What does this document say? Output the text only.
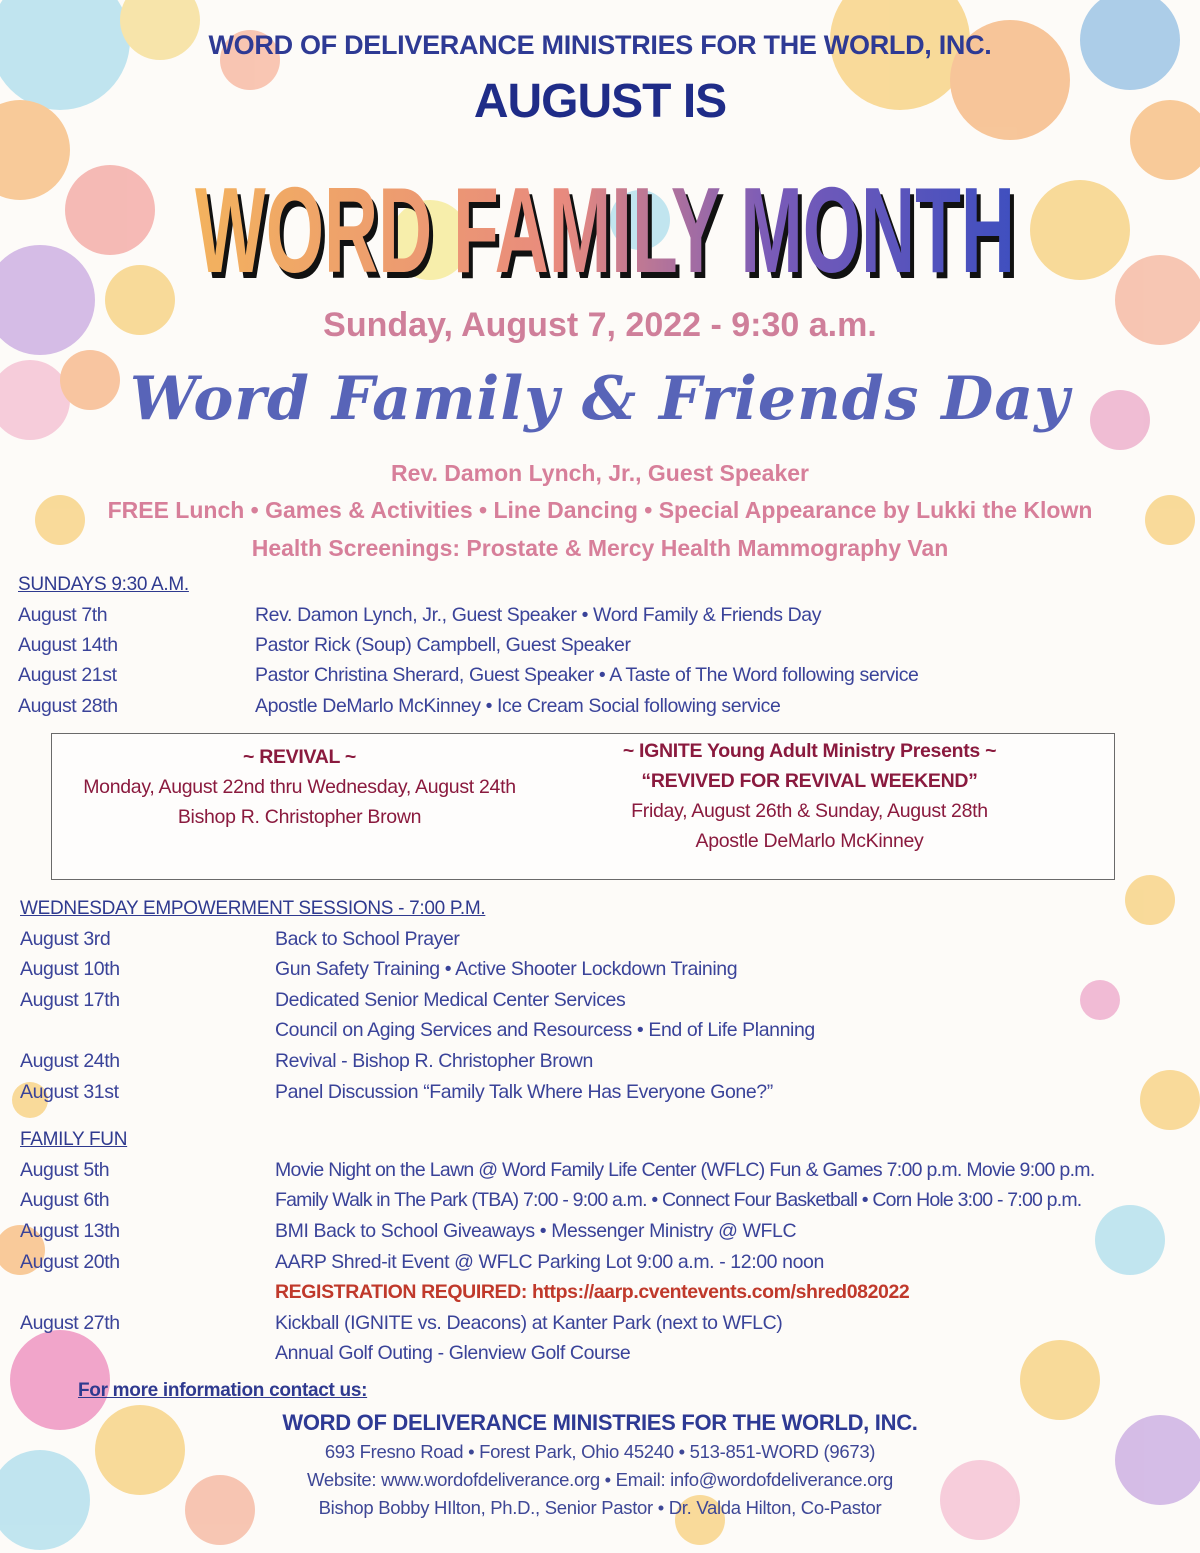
WORD OF DELIVERANCE MINISTRIES FOR THE WORLD, INC.
AUGUST IS
WORD FAMILY MONTH
WORD FAMILY MONTH
Sunday, August 7, 2022 - 9:30 a.m.
Word Family & Friends Day
Rev. Damon Lynch, Jr., Guest Speaker
FREE Lunch • Games & Activities • Line Dancing • Special Appearance by Lukki the Klown
Health Screenings: Prostate & Mercy Health Mammography Van
SUNDAYS 9:30 A.M.
August 7th	Rev. Damon Lynch, Jr., Guest Speaker • Word Family & Friends Day
August 14th	Pastor Rick (Soup) Campbell, Guest Speaker
August 21st	Pastor Christina Sherard, Guest Speaker • A Taste of The Word following service
August 28th	Apostle DeMarlo McKinney • Ice Cream Social following service
~ REVIVAL ~
Monday, August 22nd thru Wednesday, August 24th
Bishop R. Christopher Brown
~ IGNITE Young Adult Ministry Presents ~
“REVIVED FOR REVIVAL WEEKEND”
Friday, August 26th & Sunday, August 28th
Apostle DeMarlo McKinney
WEDNESDAY EMPOWERMENT SESSIONS - 7:00 P.M.
August 3rd	Back to School Prayer
August 10th	Gun Safety Training • Active Shooter Lockdown Training
August 17th	Dedicated Senior Medical Center Services
Council on Aging Services and Resourcess • End of Life Planning
August 24th	Revival - Bishop R. Christopher Brown
August 31st	Panel Discussion “Family Talk Where Has Everyone Gone?”
FAMILY FUN
August 5th	Movie Night on the Lawn @ Word Family Life Center (WFLC) Fun & Games 7:00 p.m. Movie 9:00 p.m.
August 6th	Family Walk in The Park (TBA) 7:00 - 9:00 a.m. • Connect Four Basketball • Corn Hole 3:00 - 7:00 p.m.
August 13th	BMI Back to School Giveaways • Messenger Ministry @ WFLC
August 20th	AARP Shred-it Event @ WFLC Parking Lot 9:00 a.m. - 12:00 noon
REGISTRATION REQUIRED: https://aarp.cventevents.com/shred082022
August 27th	Kickball (IGNITE vs. Deacons) at Kanter Park (next to WFLC)
Annual Golf Outing - Glenview Golf Course
For more information contact us:
WORD OF DELIVERANCE MINISTRIES FOR THE WORLD, INC.
693 Fresno Road • Forest Park, Ohio 45240 • 513-851-WORD (9673)
Website: www.wordofdeliverance.org • Email: info@wordofdeliverance.org
Bishop Bobby HIlton, Ph.D., Senior Pastor • Dr. Valda Hilton, Co-Pastor
